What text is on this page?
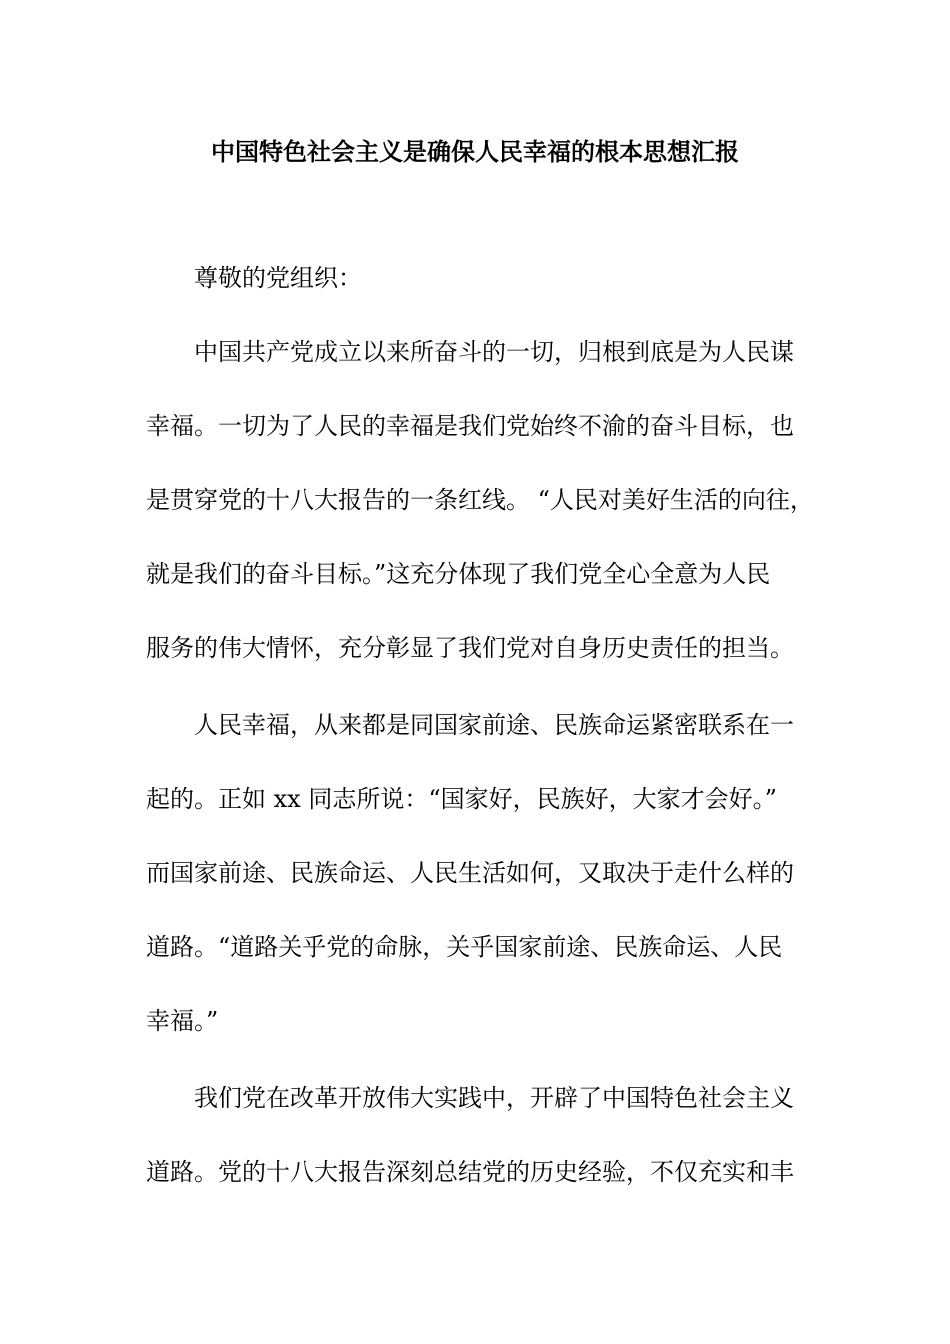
中国特色社会主义是确保人民幸福的根本思想汇报

尊敬的党组织：

中国共产党成立以来所奋斗的一切，归根到底是为人民谋

幸福。一切为了人民的幸福是我们党始终不渝的奋斗目标，也

是贯穿党的十八大报告的一条红线。 “人民对美好生活的向往，

就是我们的奋斗目标。”这充分体现了我们党全心全意为人民

服务的伟大情怀，充分彰显了我们党对自身历史责任的担当。

人民幸福，从来都是同国家前途、民族命运紧密联系在一

起的。正如 xx 同志所说：“国家好，民族好，大家才会好。”

而国家前途、民族命运、人民生活如何，又取决于走什么样的

道路。“道路关乎党的命脉，关乎国家前途、民族命运、人民

幸福。”

我们党在改革开放伟大实践中，开辟了中国特色社会主义

道路。党的十八大报告深刻总结党的历史经验，不仅充实和丰
